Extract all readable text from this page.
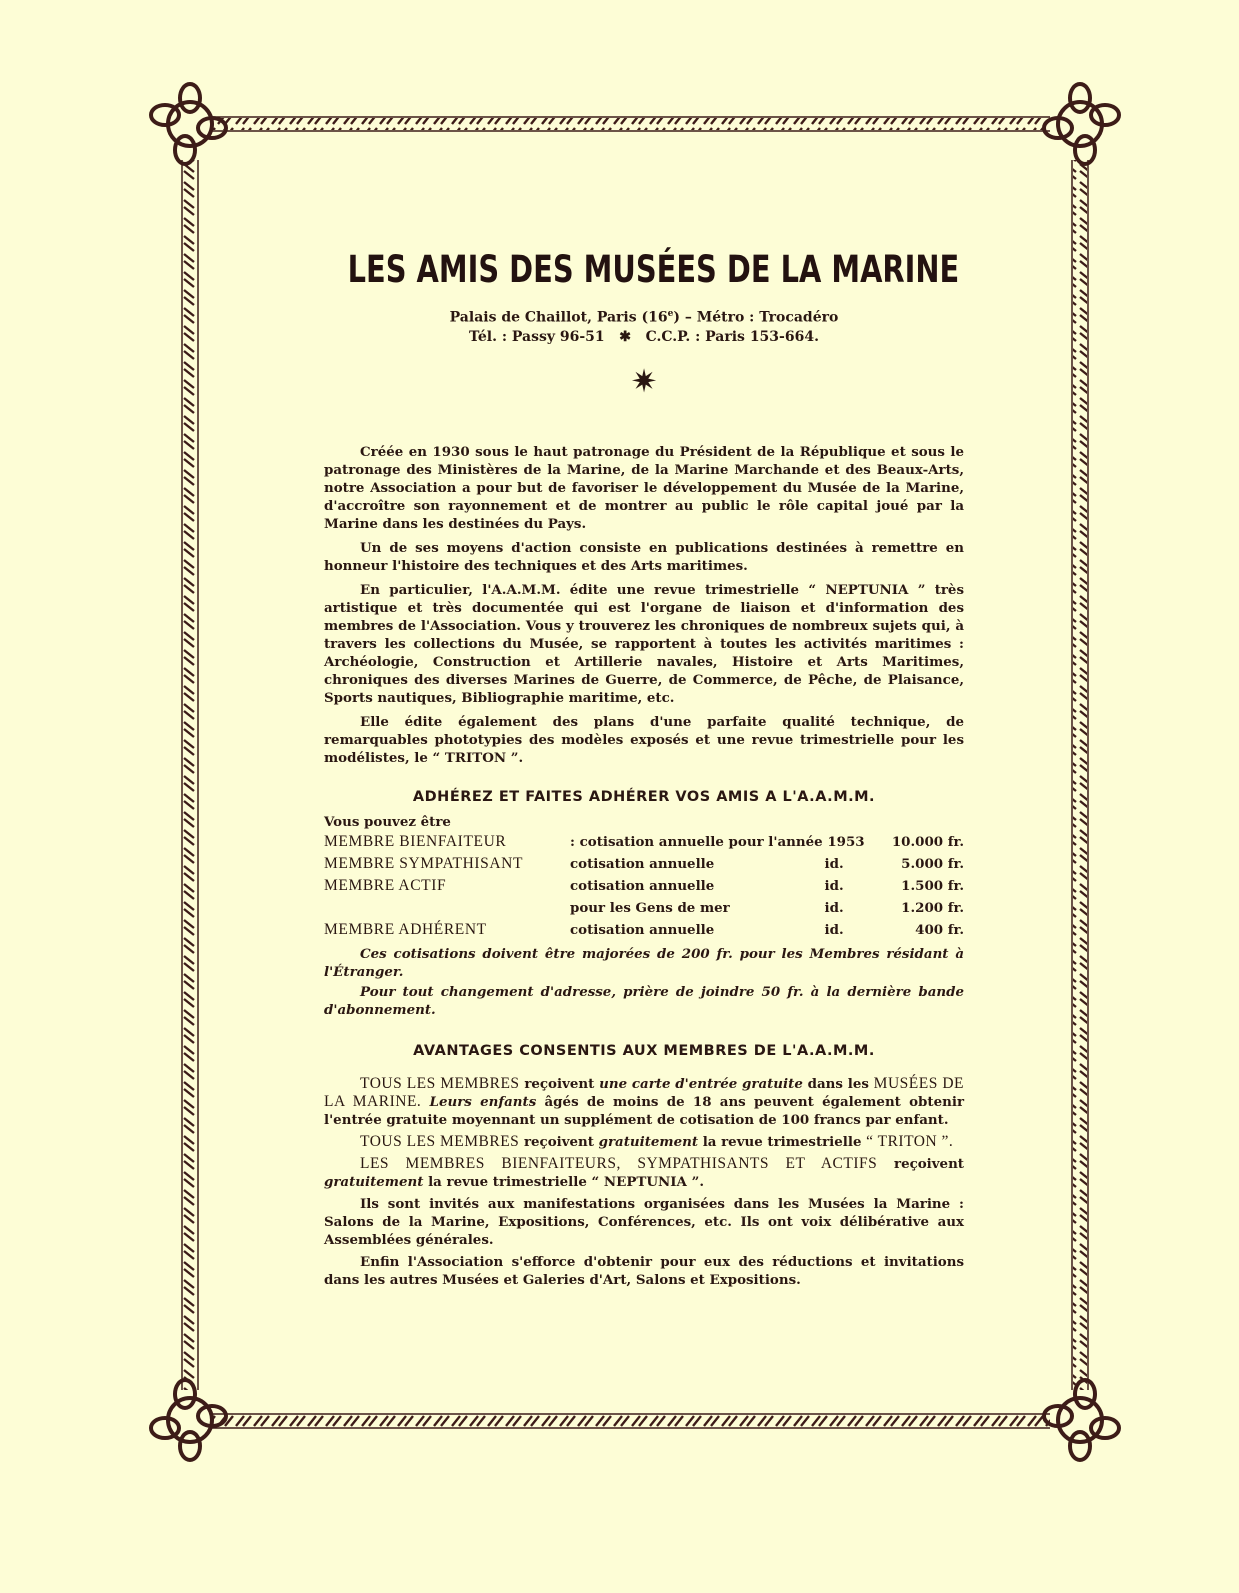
LES AMIS DES MUSÉES DE LA MARINE
Palais de Chaillot, Paris (16e) – Métro : Trocadéro
Tél. : Passy 96-51   ✱   C.C.P. : Paris 153-664.
✷

Créée en 1930 sous le haut patronage du Président de la République et sous le patronage des Ministères de la Marine, de la Marine Marchande et des Beaux-Arts, notre Association a pour but de favoriser le développement du Musée de la Marine, d'accroître son rayonnement et de montrer au public le rôle capital joué par la Marine dans les destinées du Pays.

Un de ses moyens d'action consiste en publications destinées à remettre en honneur l'histoire des techniques et des Arts maritimes.

En particulier, l'A.A.M.M. édite une revue trimestrielle “ NEPTUNIA ” très artistique et très documentée qui est l'organe de liaison et d'information des membres de l'Association. Vous y trouverez les chroniques de nombreux sujets qui, à travers les collections du Musée, se rapportent à toutes les activités maritimes : Archéologie, Construction et Artillerie navales, Histoire et Arts Maritimes, chroniques des diverses Marines de Guerre, de Commerce, de Pêche, de Plaisance, Sports nautiques, Bibliographie maritime, etc.

Elle édite également des plans d'une parfaite qualité technique, de remarquables phototypies des modèles exposés et une revue trimestrielle pour les modélistes, le “ TRITON ”.

ADHÉREZ ET FAITES ADHÉRER VOS AMIS A L'A.A.M.M.
Vous pouvez être
MEMBRE BIENFAITEUR	: cotisation annuelle pour l'année 1953		10.000 fr.
MEMBRE SYMPATHISANT	cotisation annuelle	id.	5.000 fr.
MEMBRE ACTIF	cotisation annuelle	id.	1.500 fr.
	pour les Gens de mer	id.	1.200 fr.
MEMBRE ADHÉRENT	cotisation annuelle	id.	400 fr.

Ces cotisations doivent être majorées de 200 fr. pour les Membres résidant à l'Étranger.

Pour tout changement d'adresse, prière de joindre 50 fr. à la dernière bande d'abonnement.

AVANTAGES CONSENTIS AUX MEMBRES DE L'A.A.M.M.

TOUS LES MEMBRES reçoivent une carte d'entrée gratuite dans les MUSÉES DE LA MARINE. Leurs enfants âgés de moins de 18 ans peuvent également obtenir l'entrée gratuite moyennant un supplément de cotisation de 100 francs par enfant.

TOUS LES MEMBRES reçoivent gratuitement la revue trimestrielle “ TRITON ”.

LES MEMBRES BIENFAITEURS, SYMPATHISANTS ET ACTIFS reçoivent gratuitement la revue trimestrielle “ NEPTUNIA ”.

Ils sont invités aux manifestations organisées dans les Musées la Marine : Salons de la Marine, Expositions, Conférences, etc. Ils ont voix délibérative aux Assemblées générales.

Enfin l'Association s'efforce d'obtenir pour eux des réductions et invitations dans les autres Musées et Galeries d'Art, Salons et Expositions.
